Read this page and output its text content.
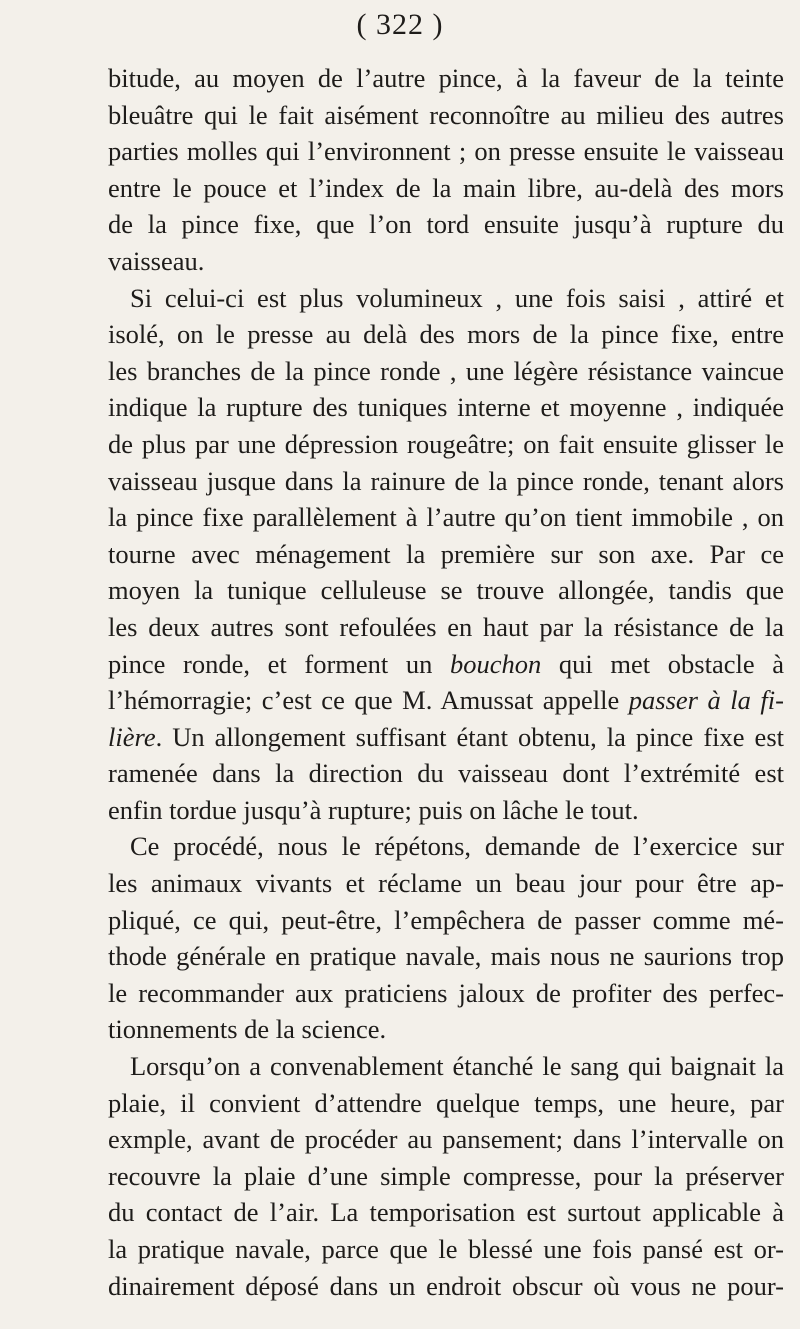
( 322 )
bitude, au moyen de l’autre pince, à la faveur de la teinte
bleuâtre qui le fait aisément reconnoître au milieu des autres
parties molles qui l’environnent ; on presse ensuite le vaisseau
entre le pouce et l’index de la main libre, au-delà des mors
de la pince fixe, que l’on tord ensuite jusqu’à rupture du
vaisseau.
Si celui-ci est plus volumineux , une fois saisi , attiré et
isolé, on le presse au delà des mors de la pince fixe, entre
les branches de la pince ronde , une légère résistance vaincue
indique la rupture des tuniques interne et moyenne , indiquée
de plus par une dépression rougeâtre; on fait ensuite glisser le
vaisseau jusque dans la rainure de la pince ronde, tenant alors
la pince fixe parallèlement à l’autre qu’on tient immobile , on
tourne avec ménagement la première sur son axe. Par ce
moyen la tunique celluleuse se trouve allongée, tandis que
les deux autres sont refoulées en haut par la résistance de la
pince ronde, et forment un bouchon qui met obstacle à
l’hémorragie; c’est ce que M. Amussat appelle passer à la fi-
lière. Un allongement suffisant étant obtenu, la pince fixe est
ramenée dans la direction du vaisseau dont l’extrémité est
enfin tordue jusqu’à rupture; puis on lâche le tout.
Ce procédé, nous le répétons, demande de l’exercice sur
les animaux vivants et réclame un beau jour pour être ap-
pliqué, ce qui, peut-être, l’empêchera de passer comme mé-
thode générale en pratique navale, mais nous ne saurions trop
le recommander aux praticiens jaloux de profiter des perfec-
tionnements de la science.
Lorsqu’on a convenablement étanché le sang qui baignait la
plaie, il convient d’attendre quelque temps, une heure, par
exmple, avant de procéder au pansement; dans l’intervalle on
recouvre la plaie d’une simple compresse, pour la préserver
du contact de l’air. La temporisation est surtout applicable à
la pratique navale, parce que le blessé une fois pansé est or-
dinairement déposé dans un endroit obscur où vous ne pour-
